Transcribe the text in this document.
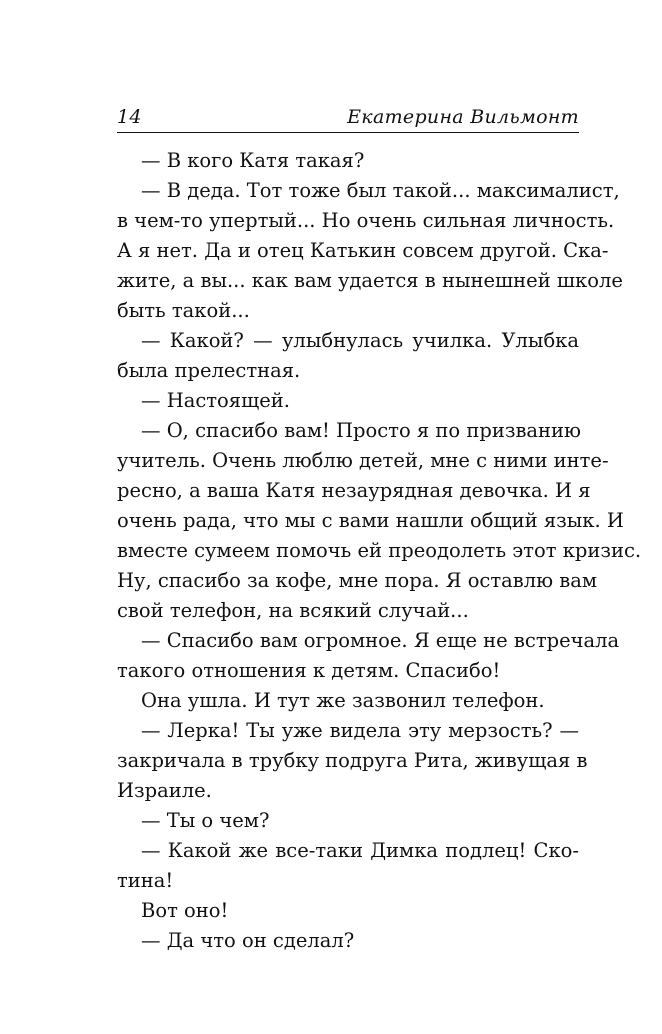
14	Екатерина Вильмонт
— В кого Катя такая?
— В деда. Тот тоже был такой... максималист,
в чем-то упертый... Но очень сильная личность.
А я нет. Да и отец Катькин совсем другой. Ска-
жите, а вы... как вам удается в нынешней школе
быть такой...
— Какой? — улыбнулась училка. Улыбка
была прелестная.
— Настоящей.
— О, спасибо вам! Просто я по призванию
учитель. Очень люблю детей, мне с ними инте-
ресно, а ваша Катя незаурядная девочка. И я
очень рада, что мы с вами нашли общий язык. И
вместе сумеем помочь ей преодолеть этот кризис.
Ну, спасибо за кофе, мне пора. Я оставлю вам
свой телефон, на всякий случай...
— Спасибо вам огромное. Я еще не встречала
такого отношения к детям. Спасибо!
Она ушла. И тут же зазвонил телефон.
— Лерка! Ты уже видела эту мерзость? —
закричала в трубку подруга Рита, живущая в
Израиле.
— Ты о чем?
— Какой же все-таки Димка подлец! Ско-
тина!
Вот оно!
— Да что он сделал?
